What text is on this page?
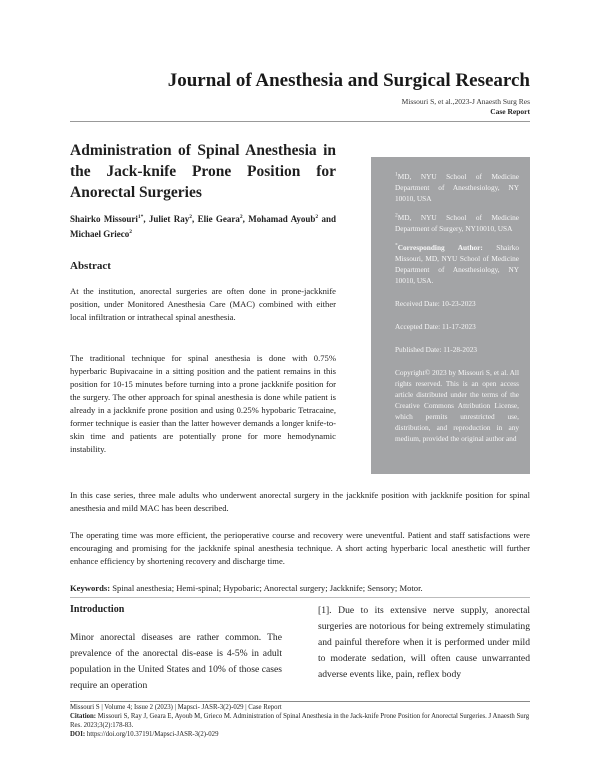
Journal of Anesthesia and Surgical Research
Missouri S, et al.,2023-J Anaesth Surg Res
Case Report
Administration of Spinal Anesthesia in the Jack-knife Prone Position for Anorectal Surgeries
Shairko Missouri$^{1*}$, Juliet Ray$^2$, Elie Geara$^2$, Mohamad Ayoub$^2$ and Michael Grieco$^2$
Abstract
At the institution, anorectal surgeries are often done in prone-jackknife position, under Monitored Anesthesia Care (MAC) combined with either local infiltration or intrathecal spinal anesthesia.
The traditional technique for spinal anesthesia is done with 0.75% hyperbaric Bupivacaine in a sitting position and the patient remains in this position for 10-15 minutes before turning into a prone jackknife position for the surgery. The other approach for spinal anesthesia is done while patient is already in a jackknife prone position and using 0.25% hypobaric Tetracaine, former technique is easier than the latter however demands a longer knife-to-skin time and patients are potentially prone for more hemodynamic instability.
$^1$MD, NYU School of Medicine Department of Anesthesiology, NY 10010, USA
$^2$MD, NYU School of Medicine Department of Surgery, NY10010, USA
*Corresponding Author: Shairko Missouri, MD, NYU School of Medicine Department of Anesthesiology, NY 10010, USA.
Received Date: 10-23-2023
Accepted Date: 11-17-2023
Published Date: 11-28-2023
Copyright© 2023 by Missouri S, et al. All rights reserved. This is an open access article distributed under the terms of the Creative Commons Attribution License, which permits unrestricted use, distribution, and reproduction in any medium, provided the original author and
In this case series, three male adults who underwent anorectal surgery in the jackknife position with jackknife position for spinal anesthesia and mild MAC has been described.
The operating time was more efficient, the perioperative course and recovery were uneventful. Patient and staff satisfactions were encouraging and promising for the jackknife spinal anesthesia technique. A short acting hyperbaric local anesthetic will further enhance efficiency by shortening recovery and discharge time.
Keywords: Spinal anesthesia; Hemi-spinal; Hypobaric; Anorectal surgery; Jackknife; Sensory; Motor.
Introduction
Minor anorectal diseases are rather common. The prevalence of the anorectal dis-ease is 4-5% in adult population in the United States and 10% of those cases require an operation
[1]. Due to its extensive nerve supply, anorectal surgeries are notorious for being extremely stimulating and painful therefore when it is performed under mild to moderate sedation, will often cause unwarranted adverse events like, pain, reflex body
Missouri S | Volume 4; Issue 2 (2023) | Mapsci- JASR-3(2)-029 | Case Report
Citation: Missouri S, Ray J, Geara E, Ayoub M, Grieco M. Administration of Spinal Anesthesia in the Jack-knife Prone Position for Anorectal Surgeries. J Anaesth Surg Res. 2023;3(2):178-83.
DOI: https://doi.org/10.37191/Mapsci-JASR-3(2)-029
